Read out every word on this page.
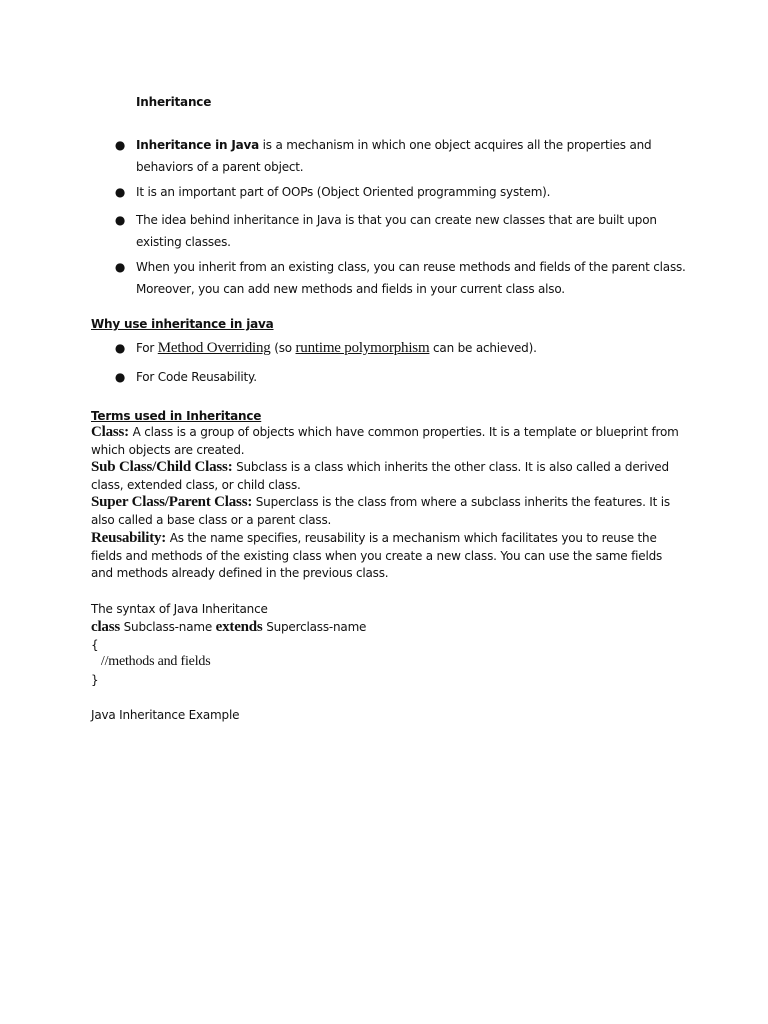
Inheritance
● Inheritance in Java is a mechanism in which one object acquires all the properties and behaviors of a parent object.
● It is an important part of OOPs (Object Oriented programming system).
● The idea behind inheritance in Java is that you can create new classes that are built upon existing classes.
● When you inherit from an existing class, you can reuse methods and fields of the parent class. Moreover, you can add new methods and fields in your current class also.
Why use inheritance in java
● For Method Overriding (so runtime polymorphism can be achieved).
● For Code Reusability.
Terms used in Inheritance
Class: A class is a group of objects which have common properties. It is a template or blueprint from which objects are created.
Sub Class/Child Class: Subclass is a class which inherits the other class. It is also called a derived class, extended class, or child class.
Super Class/Parent Class: Superclass is the class from where a subclass inherits the features. It is also called a base class or a parent class.
Reusability: As the name specifies, reusability is a mechanism which facilitates you to reuse the fields and methods of the existing class when you create a new class. You can use the same fields and methods already defined in the previous class.
The syntax of Java Inheritance
class Subclass-name extends Superclass-name
{
//methods and fields
}
Java Inheritance Example
